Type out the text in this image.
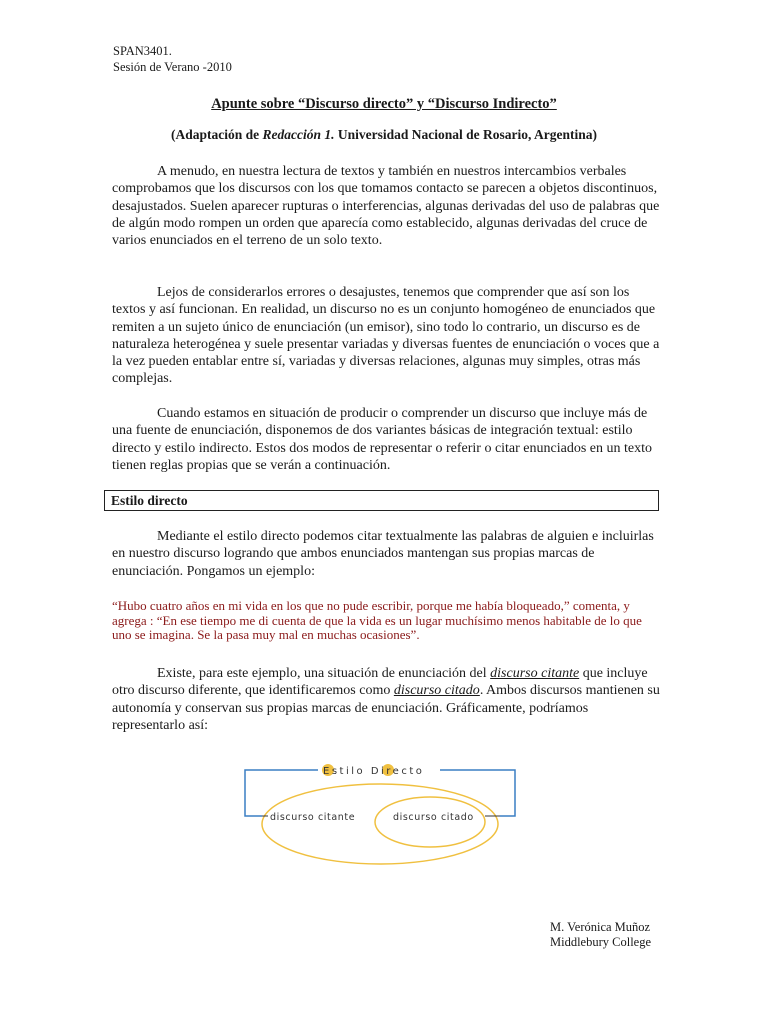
SPAN3401.
Sesión de Verano -2010
Apunte sobre “Discurso directo” y “Discurso Indirecto”
(Adaptación de Redacción 1. Universidad Nacional de Rosario, Argentina)

A menudo, en nuestra lectura de textos y también en nuestros intercambios verbales comprobamos que los discursos con los que tomamos contacto se parecen a objetos discontinuos, desajustados. Suelen aparecer rupturas o interferencias, algunas derivadas del uso de palabras que de algún modo rompen un orden que aparecía como establecido, algunas derivadas del cruce de varios enunciados en el terreno de un solo texto.

Lejos de considerarlos errores o desajustes, tenemos que comprender que así son los textos y así funcionan. En realidad, un discurso no es un conjunto homogéneo de enunciados que remiten a un sujeto único de enunciación (un emisor), sino todo lo contrario, un discurso es de naturaleza heterogénea y suele presentar variadas y diversas fuentes de enunciación o voces que a la vez pueden entablar entre sí, variadas y diversas relaciones, algunas muy simples, otras más complejas.

Cuando estamos en situación de producir o comprender un discurso que incluye más de una fuente de enunciación, disponemos de dos variantes básicas de integración textual: estilo directo y estilo indirecto. Estos dos modos de representar o referir o citar enunciados en un texto tienen reglas propias que se verán a continuación.

Estilo directo

Mediante el estilo directo podemos citar textualmente las palabras de alguien e incluirlas en nuestro discurso logrando que ambos enunciados mantengan sus propias marcas de enunciación. Pongamos un ejemplo:

“Hubo cuatro años en mi vida en los que no pude escribir, porque me había bloqueado,” comenta, y agrega : “En ese tiempo me di cuenta de que la vida es un lugar muchísimo menos habitable de lo que uno se imagina. Se la pasa muy mal en muchas ocasiones”.

Existe, para este ejemplo, una situación de enunciación del discurso citante que incluye otro discurso diferente, que identificaremos como discurso citado. Ambos discursos mantienen su autonomía y conservan sus propias marcas de enunciación. Gráficamente, podríamos representarlo así:

Estilo Directo
discurso citante	discurso citado
M. Verónica Muñoz
Middlebury College
